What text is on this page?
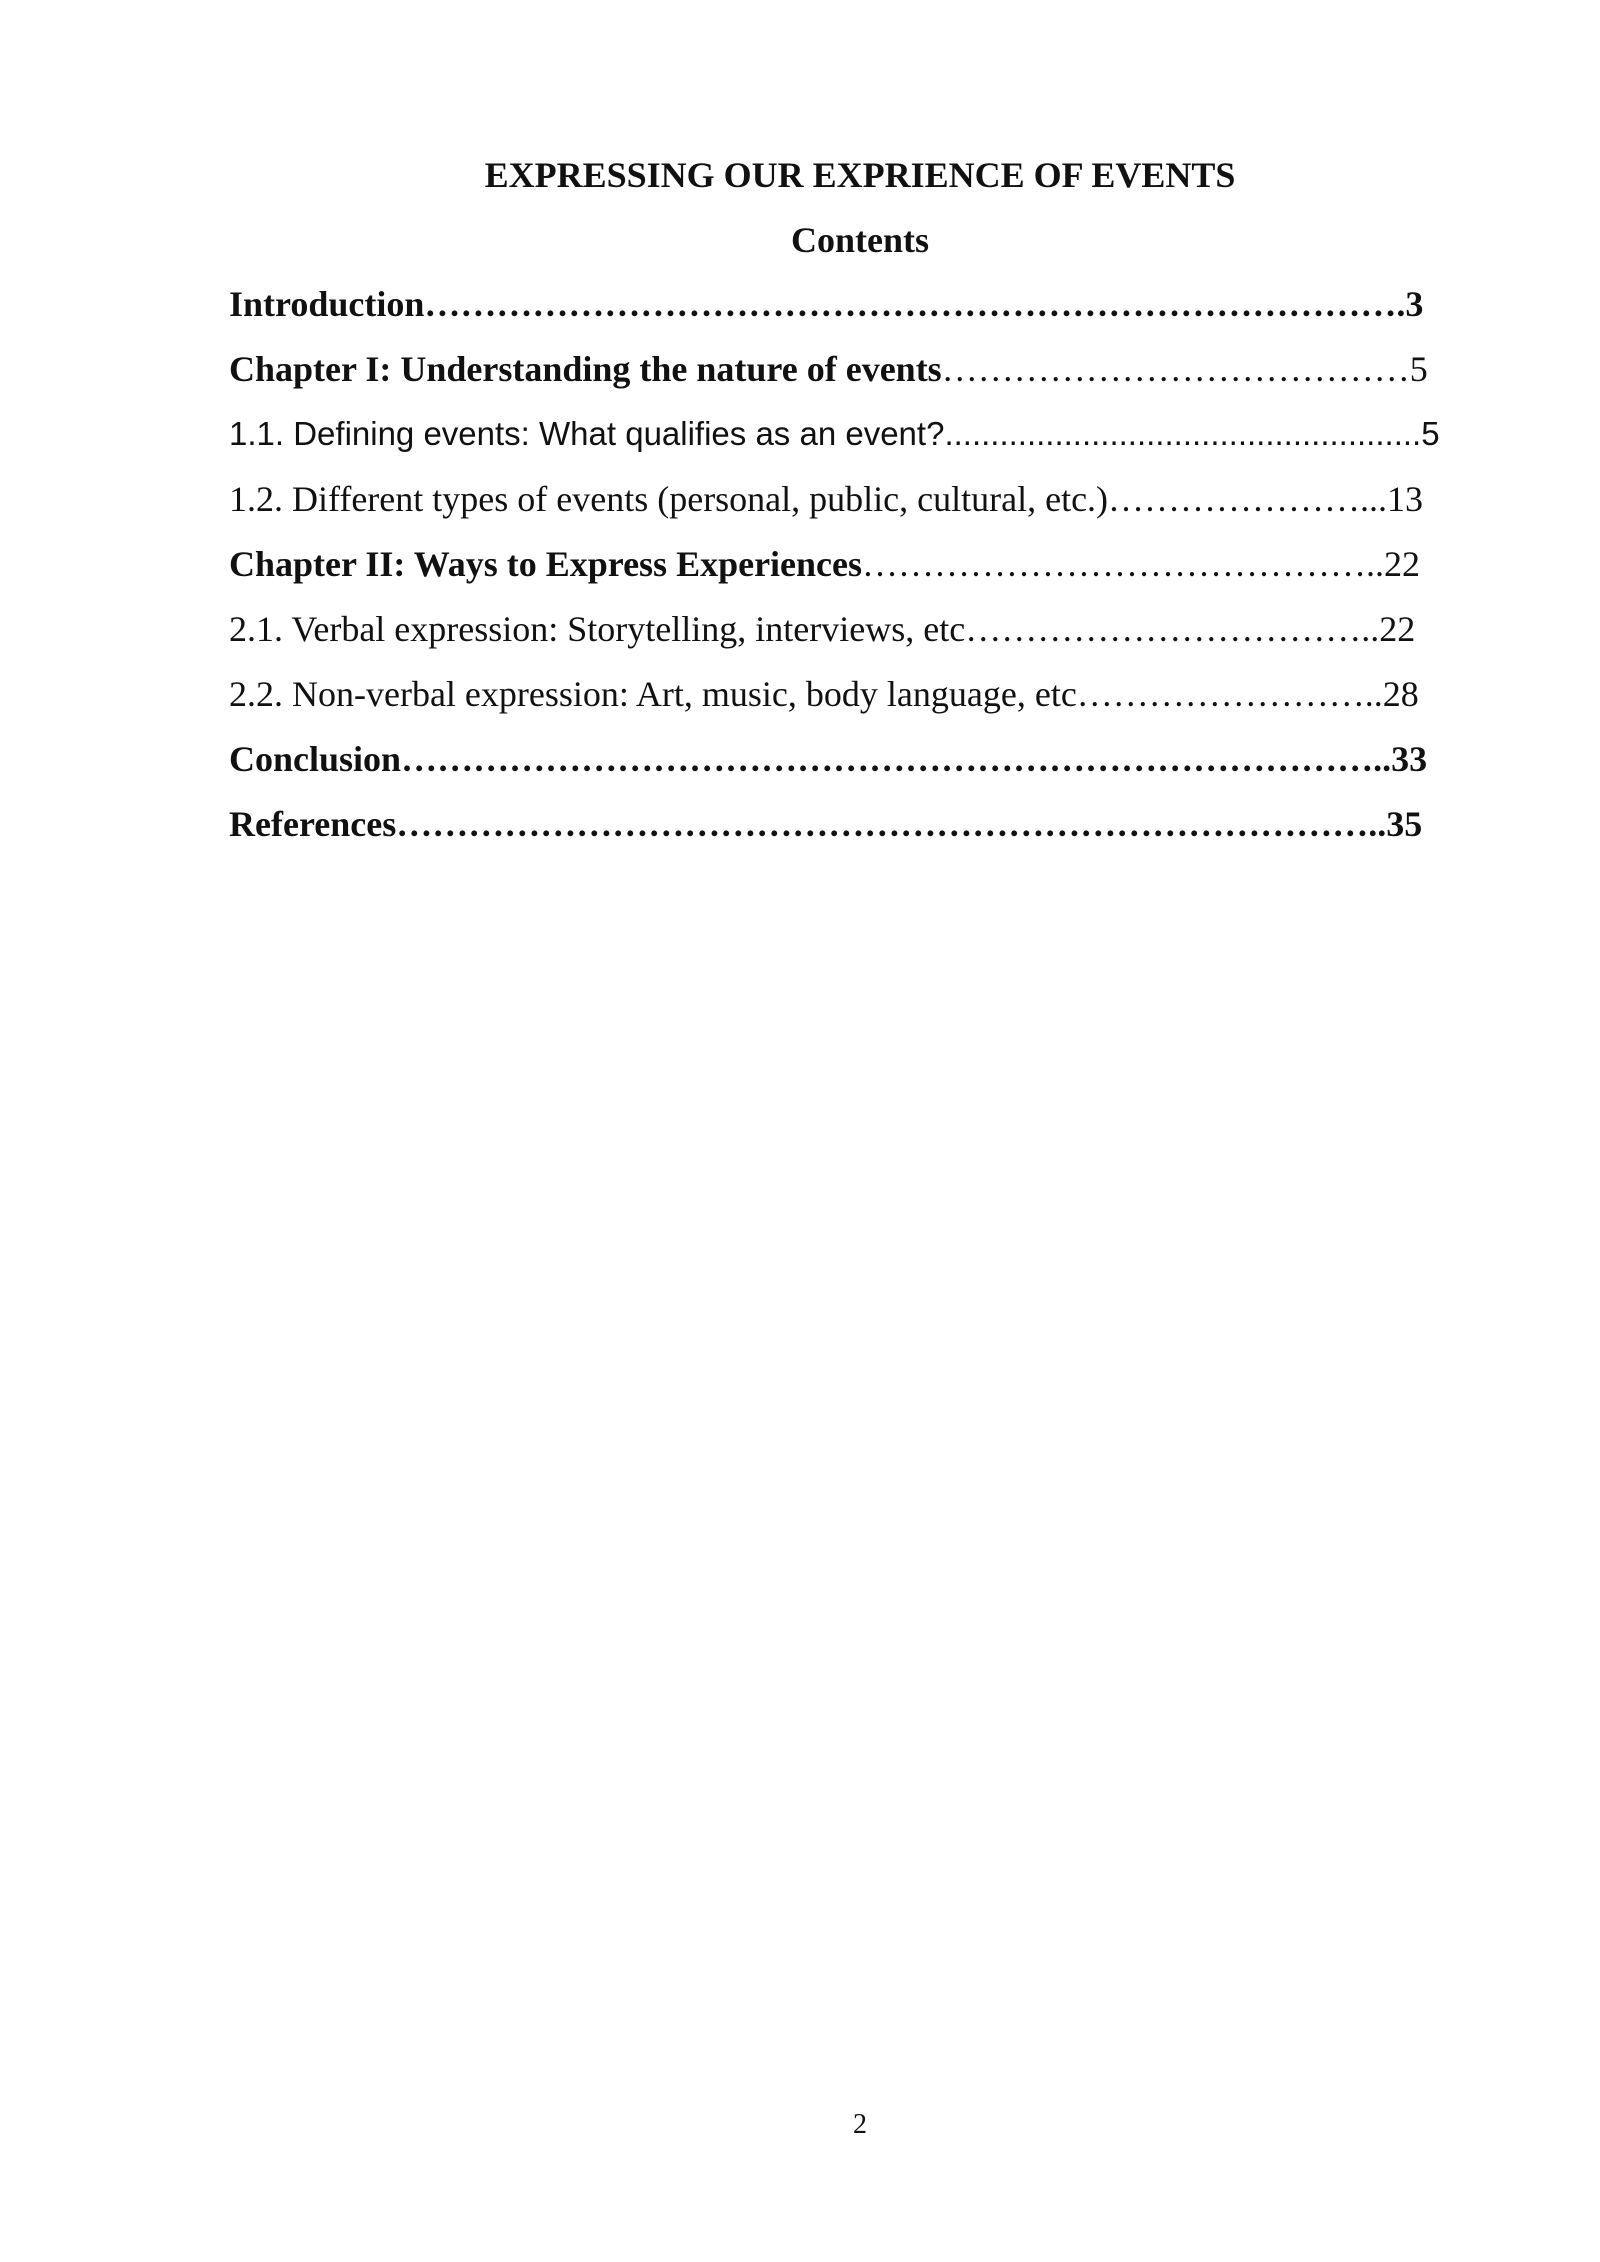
EXPRESSING OUR EXPRIENCE OF EVENTS
Contents
Introduction……………………………………………………………………….3
Chapter I: Understanding the nature of events…………………………………5
1.1. Defining events: What qualifies as an event?....................................................5
1.2. Different types of events (personal, public, cultural, etc.)…………………...13
Chapter II: Ways to Express Experiences……………………………………..22
2.1. Verbal expression: Storytelling, interviews, etc……………………………..22
2.2. Non-verbal expression: Art, music, body language, etc……………………..28
Conclusion………………………………………………………………………..33
References………………………………………………………………………..35
2
